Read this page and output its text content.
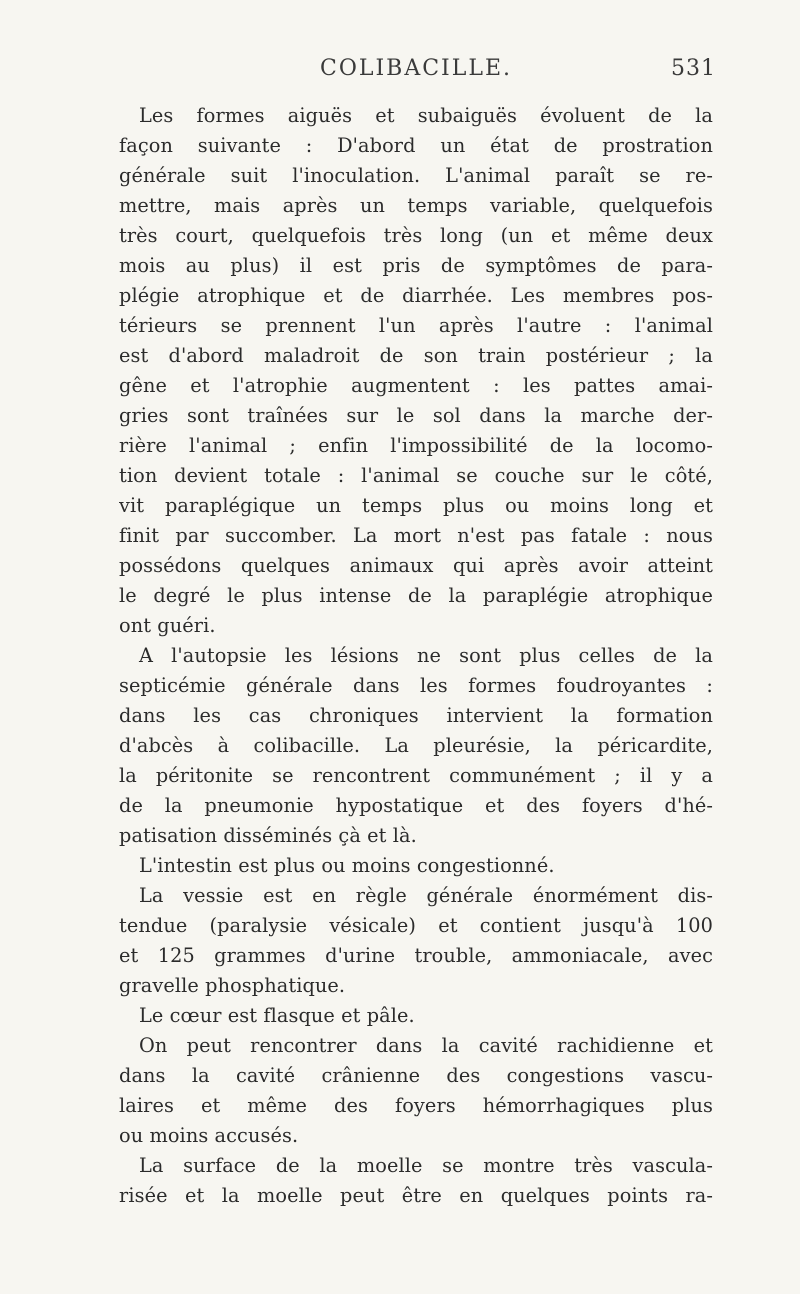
COLIBACILLE.	531
Les formes aiguës et subaiguës évoluent de la
façon suivante : D'abord un état de prostration
générale suit l'inoculation. L'animal paraît se re-
mettre, mais après un temps variable, quelquefois
très court, quelquefois très long (un et même deux
mois au plus) il est pris de symptômes de para-
plégie atrophique et de diarrhée. Les membres pos-
térieurs se prennent l'un après l'autre : l'animal
est d'abord maladroit de son train postérieur ; la
gêne et l'atrophie augmentent : les pattes amai-
gries sont traînées sur le sol dans la marche der-
rière l'animal ; enfin l'impossibilité de la locomo-
tion devient totale : l'animal se couche sur le côté,
vit paraplégique un temps plus ou moins long et
finit par succomber. La mort n'est pas fatale : nous
possédons quelques animaux qui après avoir atteint
le degré le plus intense de la paraplégie atrophique
ont guéri.
A l'autopsie les lésions ne sont plus celles de la
septicémie générale dans les formes foudroyantes :
dans les cas chroniques intervient la formation
d'abcès à colibacille. La pleurésie, la péricardite,
la péritonite se rencontrent communément ; il y a
de la pneumonie hypostatique et des foyers d'hé-
patisation disséminés çà et là.
L'intestin est plus ou moins congestionné.
La vessie est en règle générale énormément dis-
tendue (paralysie vésicale) et contient jusqu'à 100
et 125 grammes d'urine trouble, ammoniacale, avec
gravelle phosphatique.
Le cœur est flasque et pâle.
On peut rencontrer dans la cavité rachidienne et
dans la cavité crânienne des congestions vascu-
laires et même des foyers hémorrhagiques plus
ou moins accusés.
La surface de la moelle se montre très vascula-
risée et la moelle peut être en quelques points ra-
